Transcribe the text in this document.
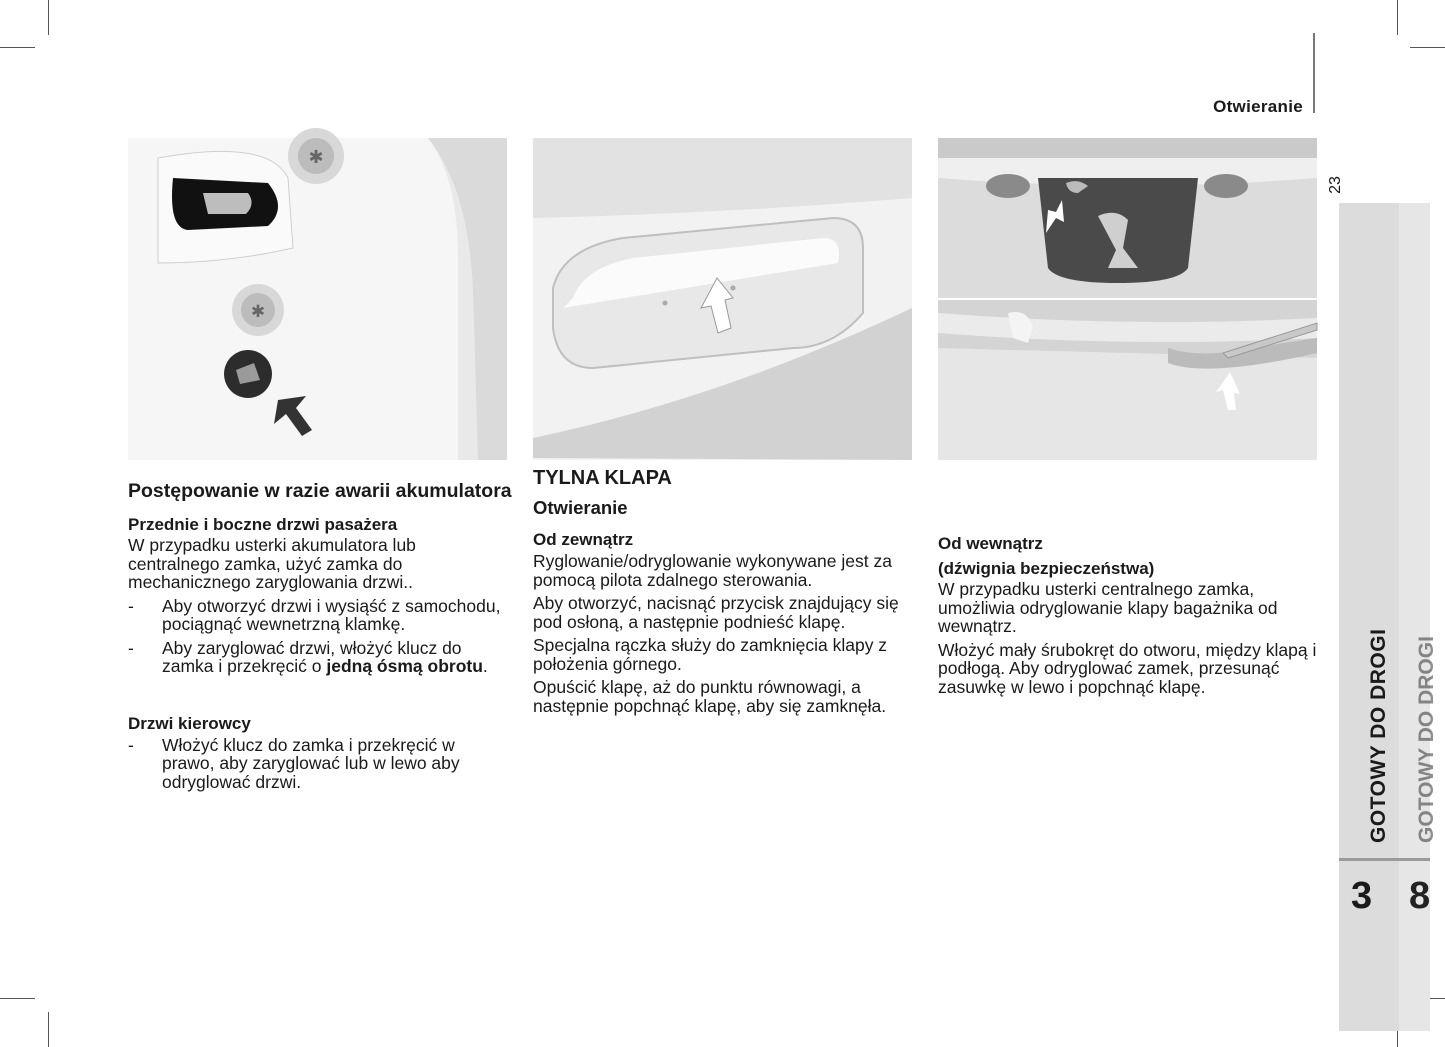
Otwieranie
23
GOTOWY DO DROGI GOTOWY DO DROGI
3 8
✱
✱
Postępowanie w razie awarii akumulatora
Przednie i boczne drzwi pasażera

W przypadku usterki akumulatora lub centralnego zamka, użyć zamka do mechanicznego zaryglowania drzwi..

- Aby otworzyć drzwi i wysiąść z samochodu, pociągnąć wewnetrzną klamkę.
- Aby zaryglować drzwi, włożyć klucz do zamka i przekręcić o jedną ósmą obrotu.
Drzwi kierowcy
- Włożyć klucz do zamka i przekręcić w prawo, aby zaryglować lub w lewo aby odryglować drzwi.
TYLNA KLAPA
Otwieranie
Od zewnątrz

Ryglowanie/odryglowanie wykonywane jest za pomocą pilota zdalnego sterowania.

Aby otworzyć, nacisnąć przycisk znajdujący się pod osłoną, a następnie podnieść klapę.

Specjalna rączka służy do zamknięcia klapy z położenia górnego.

Opuścić klapę, aż do punktu równowagi, a następnie popchnąć klapę, aby się zamknęła.

Od wewnątrz
(dźwignia bezpieczeństwa)

W przypadku usterki centralnego zamka, umożliwia odryglowanie klapy bagażnika od wewnątrz.

Włożyć mały śrubokręt do otworu, między klapą i podłogą. Aby odryglować zamek, przesunąć zasuwkę w lewo i popchnąć klapę.
